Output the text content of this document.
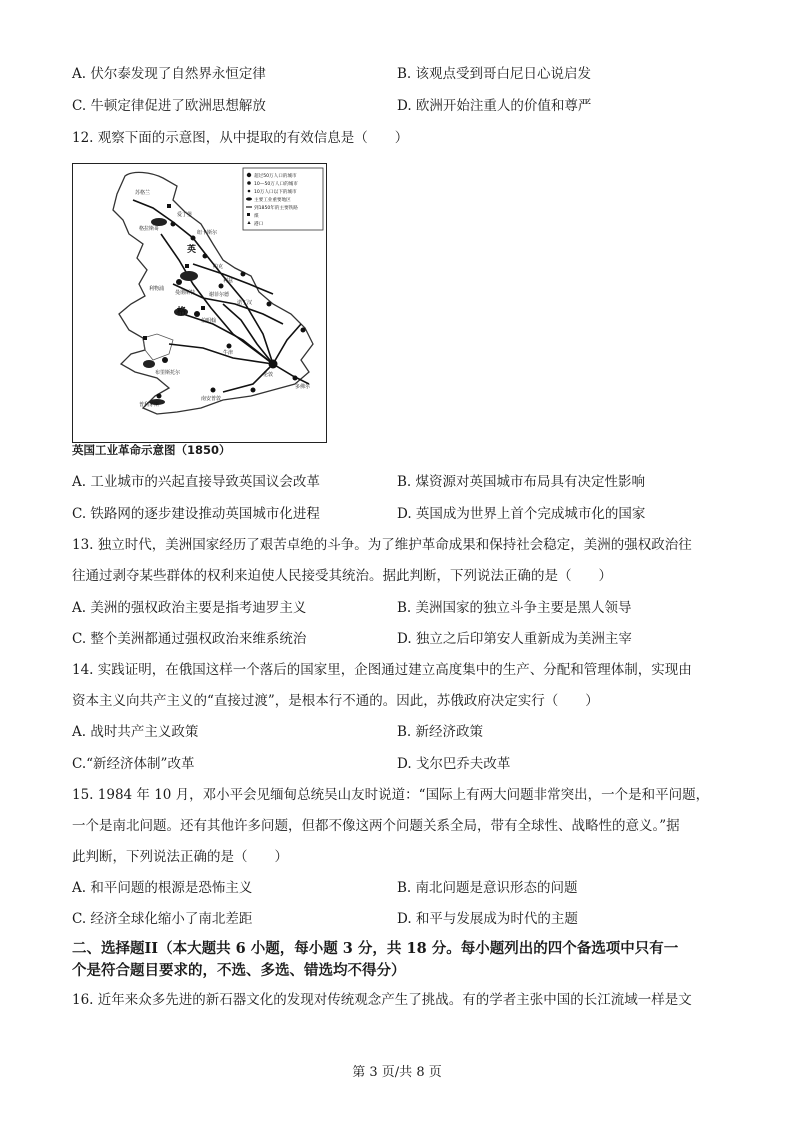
A. 伏尔泰发现了自然界永恒定律	B. 该观点受到哥白尼日心说启发
C. 牛顿定律促进了欧洲思想解放	D. 欧洲开始注重人的价值和尊严
12. 观察下面的示意图，从中提取的有效信息是（　　）
超过50万人口的城市
10—50万人口的城市
10万人口以下的城市
主要工业重要地区
到1850年的主要铁路
煤
港口
苏格兰
格拉斯哥
爱丁堡
纽卡斯尔
曼彻斯特
利物浦
伯明翰
伦敦
英
格
布里斯托尔
约克
利兹
谢菲尔德
诺丁汉
牛津
普利茅斯
南安普敦
多佛尔
英国工业革命示意图（1850）
A. 工业城市的兴起直接导致英国议会改革	B. 煤资源对英国城市布局具有决定性影响
C. 铁路网的逐步建设推动英国城市化进程	D. 英国成为世界上首个完成城市化的国家
13. 独立时代，美洲国家经历了艰苦卓绝的斗争。为了维护革命成果和保持社会稳定，美洲的强权政治往
往通过剥夺某些群体的权利来迫使人民接受其统治。据此判断，下列说法正确的是（　　）
A. 美洲的强权政治主要是指考迪罗主义	B. 美洲国家的独立斗争主要是黑人领导
C. 整个美洲都通过强权政治来维系统治	D. 独立之后印第安人重新成为美洲主宰
14. 实践证明，在俄国这样一个落后的国家里，企图通过建立高度集中的生产、分配和管理体制，实现由
资本主义向共产主义的“直接过渡”，是根本行不通的。因此，苏俄政府决定实行（　　）
A. 战时共产主义政策	B. 新经济政策
C.“新经济体制”改革	D. 戈尔巴乔夫改革
15. 1984 年 10 月，邓小平会见缅甸总统吴山友时说道：“国际上有两大问题非常突出，一个是和平问题，
一个是南北问题。还有其他许多问题，但都不像这两个问题关系全局，带有全球性、战略性的意义。”据
此判断，下列说法正确的是（　　）
A. 和平问题的根源是恐怖主义	B. 南北问题是意识形态的问题
C. 经济全球化缩小了南北差距	D. 和平与发展成为时代的主题
二、选择题II（本大题共 6 小题，每小题 3 分，共 18 分。每小题列出的四个备选项中只有一
个是符合题目要求的，不选、多选、错选均不得分）
16. 近年来众多先进的新石器文化的发现对传统观念产生了挑战。有的学者主张中国的长江流域一样是文
第 3 页/共 8 页
